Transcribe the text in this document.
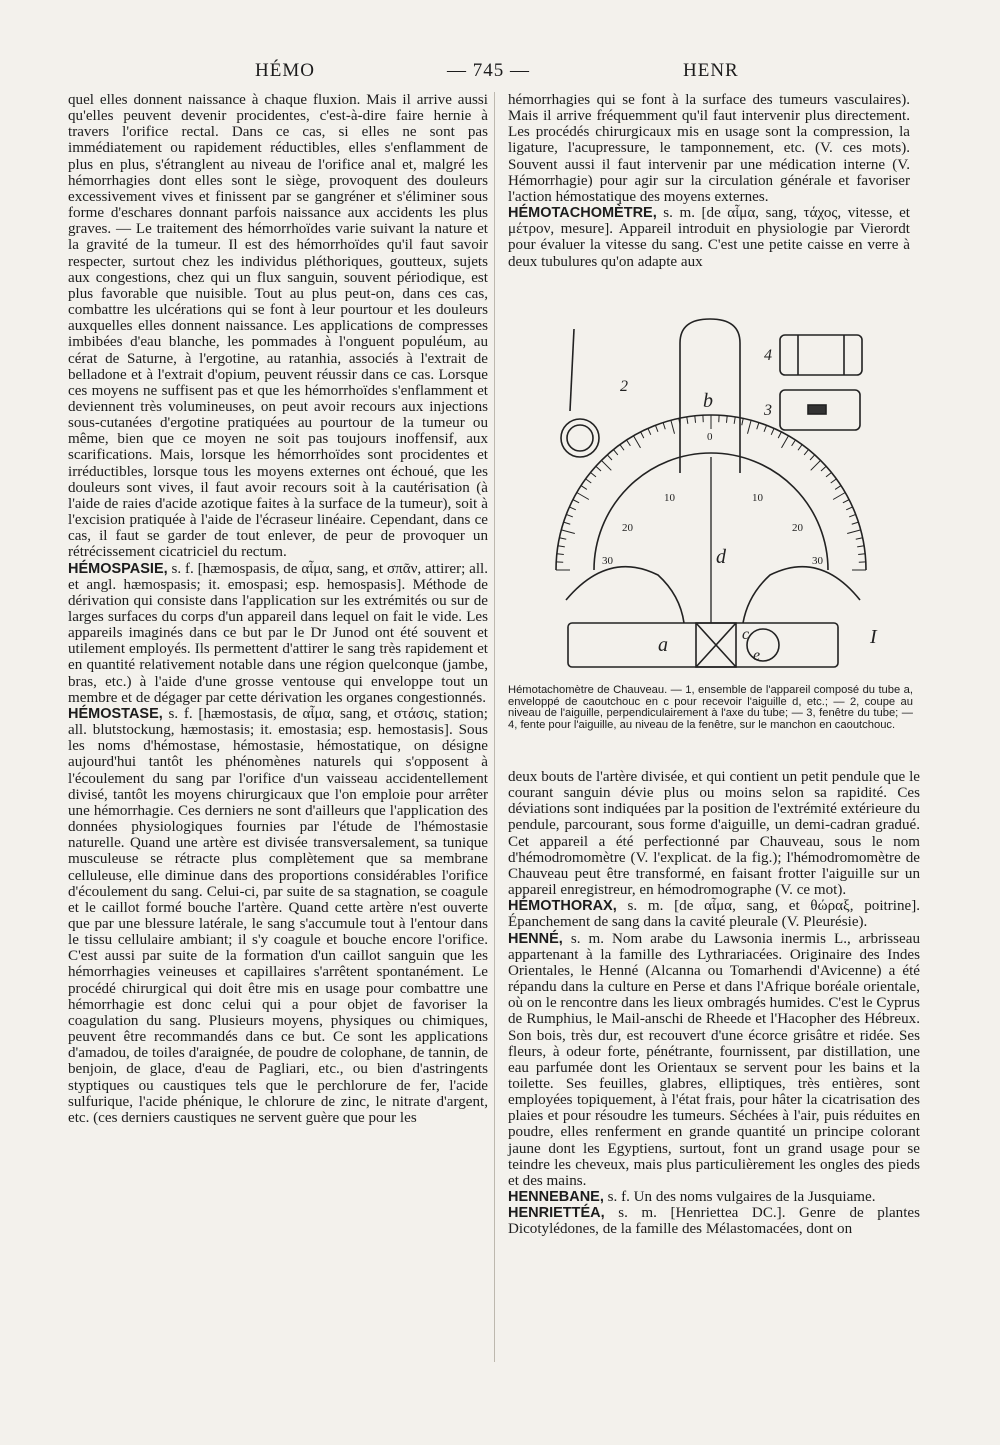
HÉMO	— 745 —	HENR

quel elles donnent naissance à chaque fluxion. Mais il arrive aussi qu'elles peuvent devenir procidentes, c'est-à-dire faire hernie à travers l'orifice rectal. Dans ce cas, si elles ne sont pas immédiatement ou rapidement réductibles, elles s'enflamment de plus en plus, s'étranglent au niveau de l'orifice anal et, malgré les hémorrhagies dont elles sont le siège, provoquent des douleurs excessivement vives et finissent par se gangréner et s'éliminer sous forme d'eschares donnant parfois naissance aux accidents les plus graves. — Le traitement des hémorrhoïdes varie suivant la nature et la gravité de la tumeur. Il est des hémorrhoïdes qu'il faut savoir respecter, surtout chez les individus pléthoriques, goutteux, sujets aux congestions, chez qui un flux sanguin, souvent périodique, est plus favorable que nuisible. Tout au plus peut-on, dans ces cas, combattre les ulcérations qui se font à leur pourtour et les douleurs auxquelles elles donnent naissance. Les applications de compresses imbibées d'eau blanche, les pommades à l'onguent populéum, au cérat de Saturne, à l'ergotine, au ratanhia, associés à l'extrait de belladone et à l'extrait d'opium, peuvent réussir dans ce cas. Lorsque ces moyens ne suffisent pas et que les hémorrhoïdes s'enflamment et deviennent très volumineuses, on peut avoir recours aux injections sous-cutanées d'ergotine pratiquées au pourtour de la tumeur ou même, bien que ce moyen ne soit pas toujours inoffensif, aux scarifications. Mais, lorsque les hémorrhoïdes sont procidentes et irréductibles, lorsque tous les moyens externes ont échoué, que les douleurs sont vives, il faut avoir recours soit à la cautérisation (à l'aide de raies d'acide azotique faites à la surface de la tumeur), soit à l'excision pratiquée à l'aide de l'écraseur linéaire. Cependant, dans ce cas, il faut se garder de tout enlever, de peur de provoquer un rétrécissement cicatriciel du rectum.

HÉMOSPASIE, s. f. [hæmospasis, de αἷμα, sang, et σπᾶν, attirer; all. et angl. hæmospasis; it. emospasi; esp. hemospasis]. Méthode de dérivation qui consiste dans l'application sur les extrémités ou sur de larges surfaces du corps d'un appareil dans lequel on fait le vide. Les appareils imaginés dans ce but par le Dr Junod ont été souvent et utilement employés. Ils permettent d'attirer le sang très rapidement et en quantité relativement notable dans une région quelconque (jambe, bras, etc.) à l'aide d'une grosse ventouse qui enveloppe tout un membre et de dégager par cette dérivation les organes congestionnés.

HÉMOSTASE, s. f. [hæmostasis, de αἷμα, sang, et στάσις, station; all. blutstockung, hæmostasis; it. emostasia; esp. hemostasis]. Sous les noms d'hémostase, hémostasie, hémostatique, on désigne aujourd'hui tantôt les phénomènes naturels qui s'opposent à l'écoulement du sang par l'orifice d'un vaisseau accidentellement divisé, tantôt les moyens chirurgicaux que l'on emploie pour arrêter une hémorrhagie. Ces derniers ne sont d'ailleurs que l'application des données physiologiques fournies par l'étude de l'hémostasie naturelle. Quand une artère est divisée transversalement, sa tunique musculeuse se rétracte plus complètement que sa membrane celluleuse, elle diminue dans des proportions considérables l'orifice d'écoulement du sang. Celui-ci, par suite de sa stagnation, se coagule et le caillot formé bouche l'artère. Quand cette artère n'est ouverte que par une blessure latérale, le sang s'accumule tout à l'entour dans le tissu cellulaire ambiant; il s'y coagule et bouche encore l'orifice. C'est aussi par suite de la formation d'un caillot sanguin que les hémorrhagies veineuses et capillaires s'arrêtent spontanément. Le procédé chirurgical qui doit être mis en usage pour combattre une hémorrhagie est donc celui qui a pour objet de favoriser la coagulation du sang. Plusieurs moyens, physiques ou chimiques, peuvent être recommandés dans ce but. Ce sont les applications d'amadou, de toiles d'araignée, de poudre de colophane, de tannin, de benjoin, de glace, d'eau de Pagliari, etc., ou bien d'astringents styptiques ou caustiques tels que le perchlorure de fer, l'acide sulfurique, l'acide phénique, le chlorure de zinc, le nitrate d'argent, etc. (ces derniers caustiques ne servent guère que pour les

hémorrhagies qui se font à la surface des tumeurs vasculaires). Mais il arrive fréquemment qu'il faut intervenir plus directement. Les procédés chirurgicaux mis en usage sont la compression, la ligature, l'acupressure, le tamponnement, etc. (V. ces mots). Souvent aussi il faut intervenir par une médication interne (V. Hémorrhagie) pour agir sur la circulation générale et favoriser l'action hémostatique des moyens externes.

HÉMOTACHOMÈTRE, s. m. [de αἷμα, sang, τάχος, vitesse, et μέτρον, mesure]. Appareil introduit en physiologie par Vierordt pour évaluer la vitesse du sang. C'est une petite caisse en verre à deux tubulures qu'on adapte aux

2
b
4
3
d
a	c
e
I
0
10	10
20	20
30	30
Hémotachomètre de Chauveau. — 1, ensemble de l'appareil composé du tube a, enveloppé de caoutchouc en c pour recevoir l'aiguille d, etc.; — 2, coupe au niveau de l'aiguille, perpendiculairement à l'axe du tube; — 3, fenêtre du tube; — 4, fente pour l'aiguille, au niveau de la fenêtre, sur le manchon en caoutchouc.

deux bouts de l'artère divisée, et qui contient un petit pendule que le courant sanguin dévie plus ou moins selon sa rapidité. Ces déviations sont indiquées par la position de l'extrémité extérieure du pendule, parcourant, sous forme d'aiguille, un demi-cadran gradué. Cet appareil a été perfectionné par Chauveau, sous le nom d'hémodromomètre (V. l'explicat. de la fig.); l'hémodromomètre de Chauveau peut être transformé, en faisant frotter l'aiguille sur un appareil enregistreur, en hémodromographe (V. ce mot).

HÉMOTHORAX, s. m. [de αἷμα, sang, et θώραξ, poitrine]. Épanchement de sang dans la cavité pleurale (V. Pleurésie).

HENNÉ, s. m. Nom arabe du Lawsonia inermis L., arbrisseau appartenant à la famille des Lythrariacées. Originaire des Indes Orientales, le Henné (Alcanna ou Tomarhendi d'Avicenne) a été répandu dans la culture en Perse et dans l'Afrique boréale orientale, où on le rencontre dans les lieux ombragés humides. C'est le Cyprus de Rumphius, le Mail-anschi de Rheede et l'Hacopher des Hébreux. Son bois, très dur, est recouvert d'une écorce grisâtre et ridée. Ses fleurs, à odeur forte, pénétrante, fournissent, par distillation, une eau parfumée dont les Orientaux se servent pour les bains et la toilette. Ses feuilles, glabres, elliptiques, très entières, sont employées topiquement, à l'état frais, pour hâter la cicatrisation des plaies et pour résoudre les tumeurs. Séchées à l'air, puis réduites en poudre, elles renferment en grande quantité un principe colorant jaune dont les Egyptiens, surtout, font un grand usage pour se teindre les cheveux, mais plus particulièrement les ongles des pieds et des mains.

HENNEBANE, s. f. Un des noms vulgaires de la Jusquiame.

HENRIETTÉA, s. m. [Henriettea DC.]. Genre de plantes Dicotylédones, de la famille des Mélastomacées, dont on
